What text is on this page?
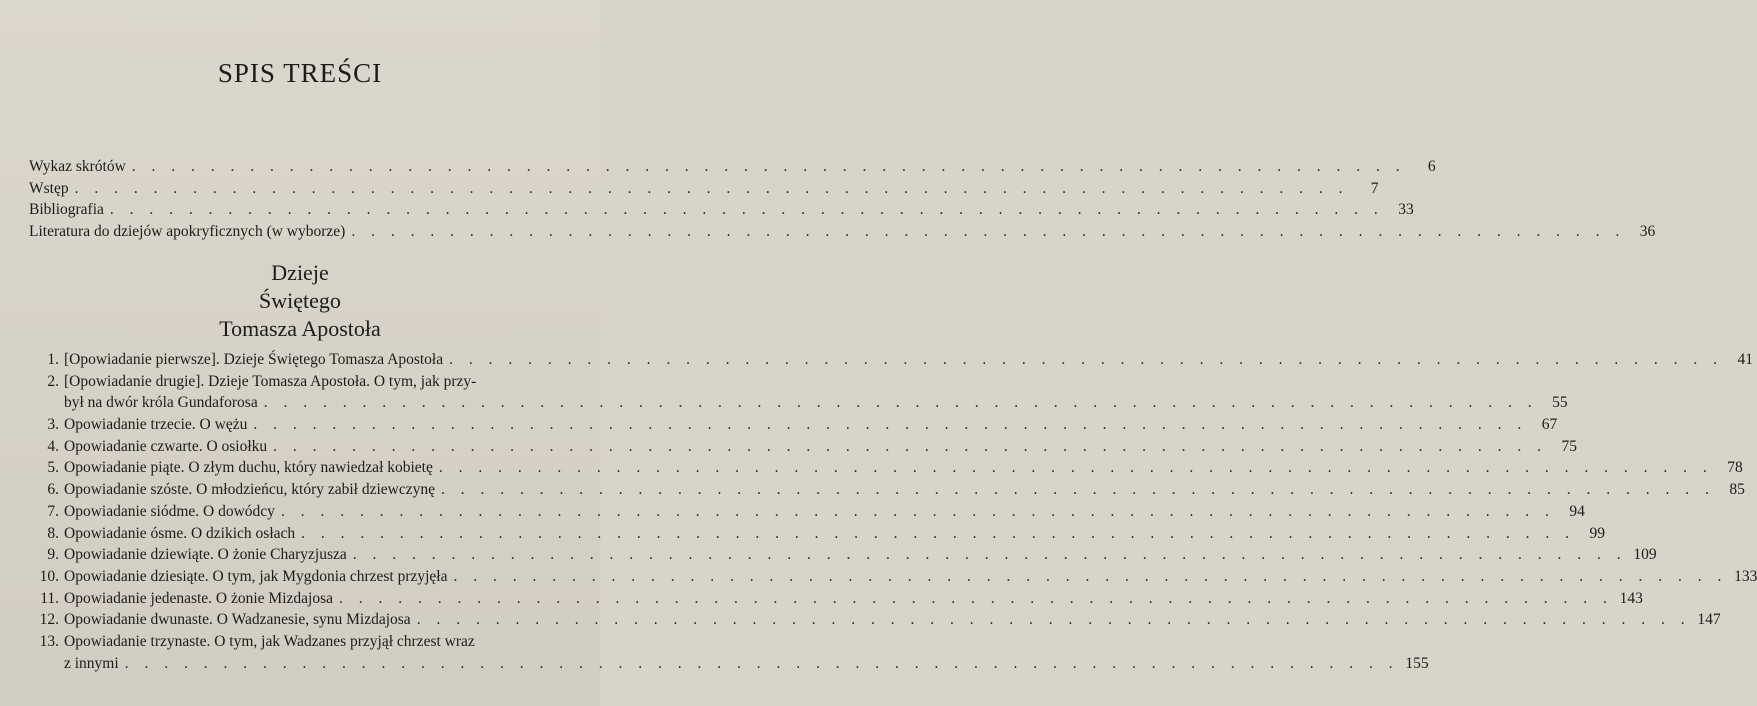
SPIS TREŚCI
Wykaz skrótów . . . . . . . . . . . . . . . . . . . . . . . . . . . . . . . . . . . . . . . . . . . . . . . . . . . . . . . . . . . . . . . . .	6
Wstęp . . . . . . . . . . . . . . . . . . . . . . . . . . . . . . . . . . . . . . . . . . . . . . . . . . . . . . . . . . . . . . . . .	7
Bibliografia . . . . . . . . . . . . . . . . . . . . . . . . . . . . . . . . . . . . . . . . . . . . . . . . . . . . . . . . . . . . . . . . . 33
Literatura do dziejów apokryficznych (w wyborze) . . . . . . . . . . . . . . . . . . . . . . . . . . . . . . . . . . . . . . . . . . . . . . . . . . . . . . . . . . . . . . . . . 36
Dzieje
Świętego
Tomasza Apostoła
1. [Opowiadanie pierwsze]. Dzieje Świętego Tomasza Apostoła . . . . . . . . . . . . . . . . . . . . . . . . . . . . . . . . . . . . . . . . . . . . . . . . . . . . . . . . . . . . . . . . . 41
2. [Opowiadanie drugie]. Dzieje Tomasza Apostoła. O tym, jak przy-
był na dwór króla Gundaforosa . . . . . . . . . . . . . . . . . . . . . . . . . . . . . . . . . . . . . . . . . . . . . . . . . . . . . . . . . . . . . . . . . 55
3. Opowiadanie trzecie. O wężu . . . . . . . . . . . . . . . . . . . . . . . . . . . . . . . . . . . . . . . . . . . . . . . . . . . . . . . . . . . . . . . . . 67
4. Opowiadanie czwarte. O osiołku . . . . . . . . . . . . . . . . . . . . . . . . . . . . . . . . . . . . . . . . . . . . . . . . . . . . . . . . . . . . . . . . . 75
5. Opowiadanie piąte. O złym duchu, który nawiedzał kobietę . . . . . . . . . . . . . . . . . . . . . . . . . . . . . . . . . . . . . . . . . . . . . . . . . . . . . . . . . . . . . . . . . 78
6. Opowiadanie szóste. O młodzieńcu, który zabił dziewczynę . . . . . . . . . . . . . . . . . . . . . . . . . . . . . . . . . . . . . . . . . . . . . . . . . . . . . . . . . . . . . . . . . 85
7. Opowiadanie siódme. O dowódcy . . . . . . . . . . . . . . . . . . . . . . . . . . . . . . . . . . . . . . . . . . . . . . . . . . . . . . . . . . . . . . . . . 94
8. Opowiadanie ósme. O dzikich osłach . . . . . . . . . . . . . . . . . . . . . . . . . . . . . . . . . . . . . . . . . . . . . . . . . . . . . . . . . . . . . . . . . 99
9. Opowiadanie dziewiąte. O żonie Charyzjusza . . . . . . . . . . . . . . . . . . . . . . . . . . . . . . . . . . . . . . . . . . . . . . . . . . . . . . . . . . . . . . . . . 109
10. Opowiadanie dziesiąte. O tym, jak Mygdonia chrzest przyjęła . . . . . . . . . . . . . . . . . . . . . . . . . . . . . . . . . . . . . . . . . . . . . . . . . . . . . . . . . . . . . . . . . 133
11. Opowiadanie jedenaste. O żonie Mizdajosa . . . . . . . . . . . . . . . . . . . . . . . . . . . . . . . . . . . . . . . . . . . . . . . . . . . . . . . . . . . . . . . . . 143
12. Opowiadanie dwunaste. O Wadzanesie, synu Mizdajosa . . . . . . . . . . . . . . . . . . . . . . . . . . . . . . . . . . . . . . . . . . . . . . . . . . . . . . . . . . . . . . . . . 147
13. Opowiadanie trzynaste. O tym, jak Wadzanes przyjął chrzest wraz
z innymi . . . . . . . . . . . . . . . . . . . . . . . . . . . . . . . . . . . . . . . . . . . . . . . . . . . . . . . . . . . . . . . . . 155
